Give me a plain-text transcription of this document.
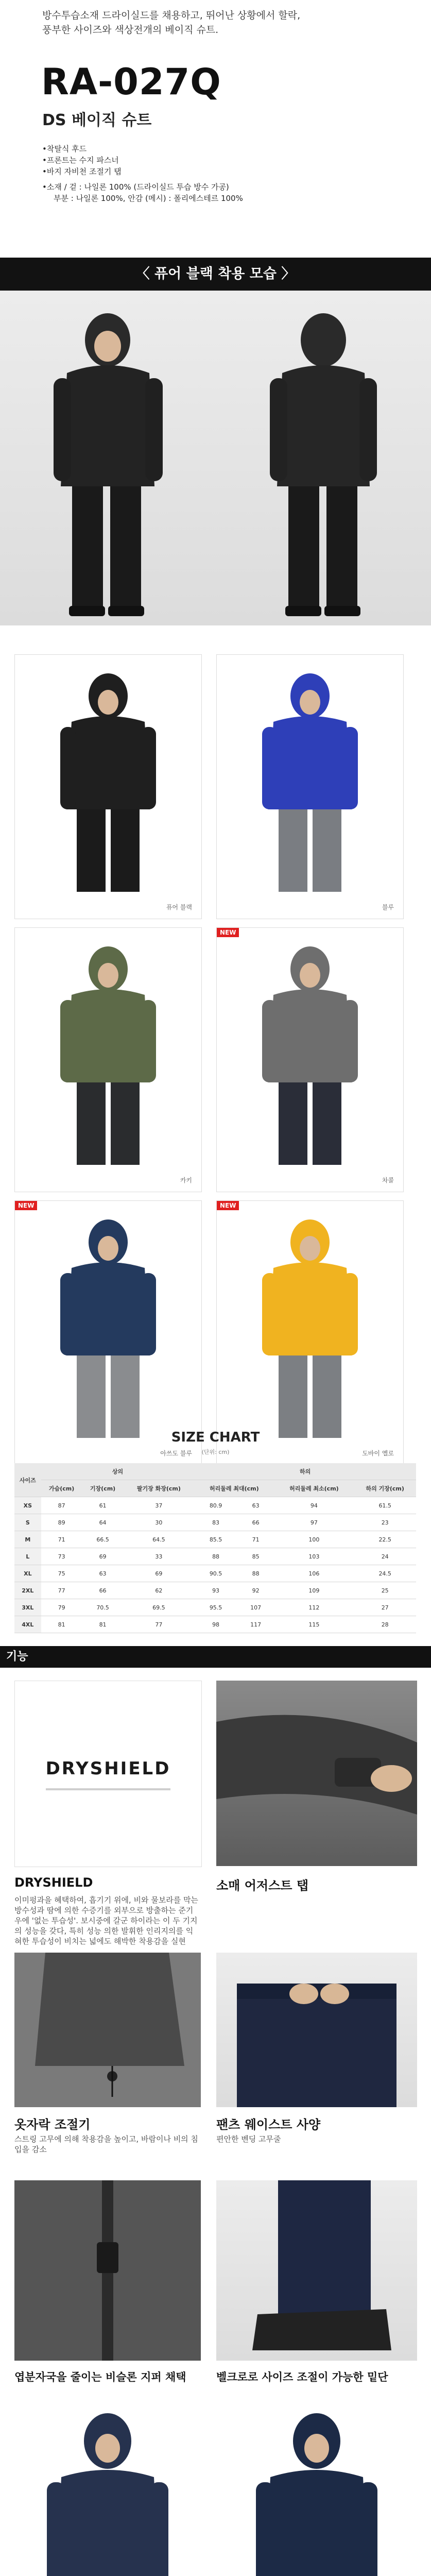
방수투습소재 드라이실드를 채용하고, 뛰어난 상황에서 할락,
풍부한 사이즈와 색상전개의 베이직 슈트.
RA-027Q
DS 베이직 슈트
•착탈식 후드
•프론트는 수지 파스너
•바지 자비천 조절기 탭
•소재 / 겉 : 나일론 100% (드라이실드 투습 방수 가공)
부분 : 나일론 100%, 안감 (메시) : 폴리에스테르 100%
〈 퓨어 블랙 착용 모습 〉
퓨어 블랙	블루
카키
NEW
차콜
NEW
아쓰도 블루
NEW
도바이 옐로
SIZE CHART
(단위: cm)
사이즈	상의			하의			
	가슴(cm)	기장(cm)	팔기장 화장(cm)	허리둘레 최대(cm)		허리둘레 최소(cm)	하의 기장(cm)
XS	87	61	37	80.9	63	94	61.5
S	89	64	30	83	66	97	23
M	71	66.5	64.5	85.5	71	100	22.5
L	73	69	33	88	85	103	24
XL	75	63	69	90.5	88	106	24.5
2XL	77	66	62	93	92	109	25
3XL	79	70.5	69.5	95.5	107	112	27
4XL	81	81	77	98	117	115	28
기능
DRYSHIELD
DRYSHIELD
이미펑과을 혜택하여, 흡기기 위에, 비와 물보라를 막는 방수성과 땀에 의한 수증기를 외부으로 방출하는 준기우에 '없는 투습성'. 보시중에 갈군 하이라는 이 두 기지의 성능을 갖다, 특히 성능 의한 발휘한 인리지의를 익혀한 투습성이 비치는 넓에도 해박한 착용감을 실현
소매 어저스트 탭
옷자락 조절기
스트링 고무에 의해 착용감을 높이고, 바람이나 비의 침입을 감소
팬츠 웨이스트 사양
편안한 벤딩 고무줄
엽분자국을 줄이는 비슬론 지퍼 채택	벨크로로 사이즈 조절이 가능한 밑단
